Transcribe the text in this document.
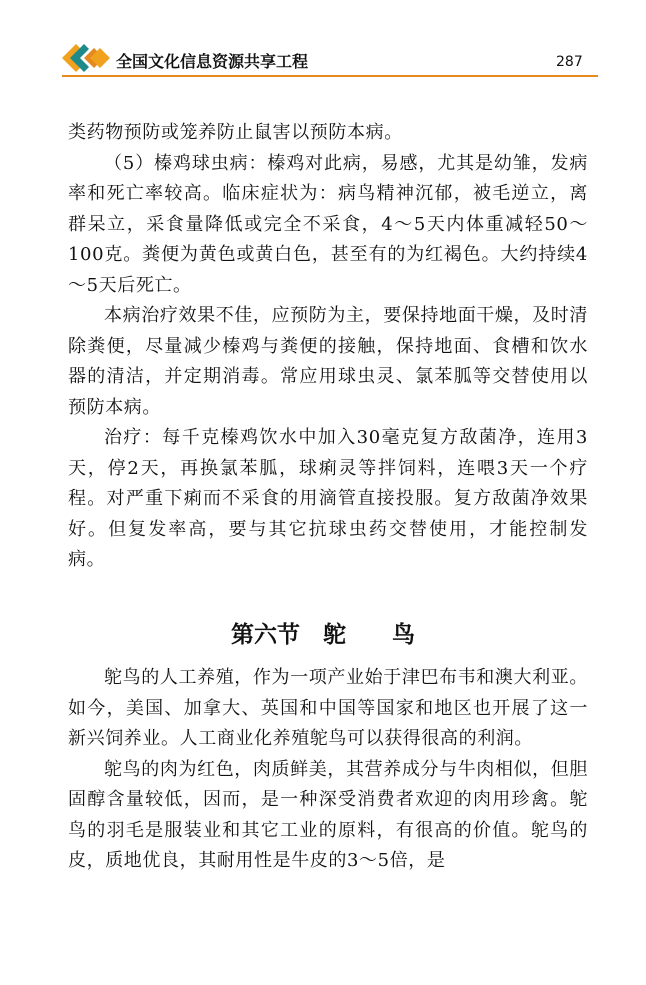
全国文化信息资源共享工程	287

类药物预防或笼养防止鼠害以预防本病。

（5）榛鸡球虫病：榛鸡对此病，易感，尤其是幼雏，发病率和死亡率较高。临床症状为：病鸟精神沉郁，被毛逆立，离群呆立，采食量降低或完全不采食，4～5天内体重减轻50～100克。粪便为黄色或黄白色，甚至有的为红褐色。大约持续4～5天后死亡。

本病治疗效果不佳，应预防为主，要保持地面干燥，及时清除粪便，尽量减少榛鸡与粪便的接触，保持地面、食槽和饮水器的清洁，并定期消毒。常应用球虫灵、氯苯胍等交替使用以预防本病。

治疗：每千克榛鸡饮水中加入30毫克复方敌菌净，连用3天，停2天，再换氯苯胍，球痢灵等拌饲料，连喂3天一个疗程。对严重下痢而不采食的用滴管直接投服。复方敌菌净效果好。但复发率高，要与其它抗球虫药交替使用，才能控制发病。

第六节　鸵　　鸟

鸵鸟的人工养殖，作为一项产业始于津巴布韦和澳大利亚。如今，美国、加拿大、英国和中国等国家和地区也开展了这一新兴饲养业。人工商业化养殖鸵鸟可以获得很高的利润。

鸵鸟的肉为红色，肉质鲜美，其营养成分与牛肉相似，但胆固醇含量较低，因而，是一种深受消费者欢迎的肉用珍禽。鸵鸟的羽毛是服装业和其它工业的原料，有很高的价值。鸵鸟的皮，质地优良，其耐用性是牛皮的3～5倍，是
